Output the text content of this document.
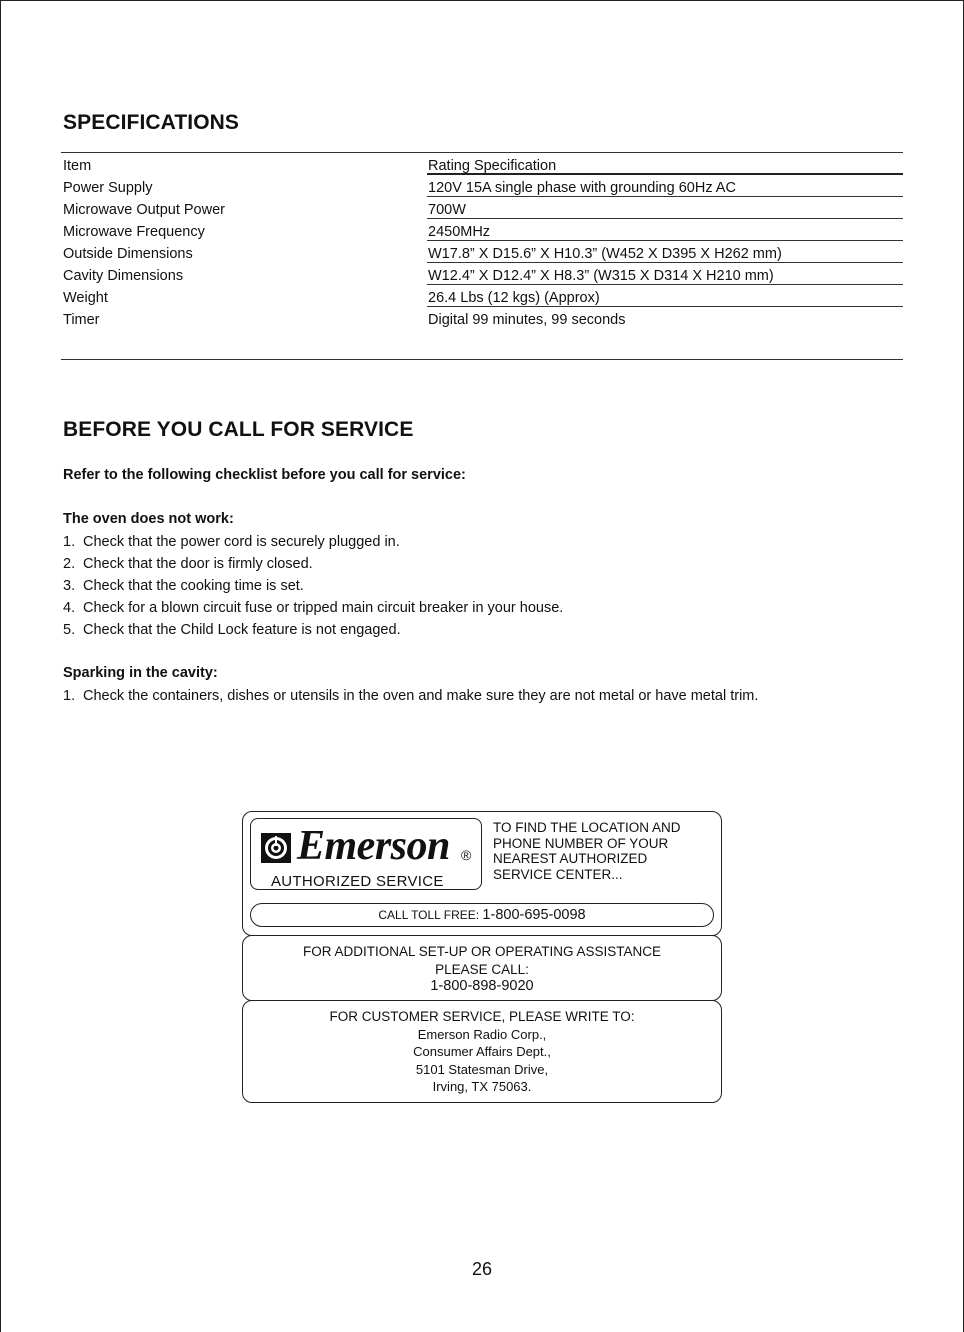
SPECIFICATIONS
Item	Rating Specification
Power Supply	120V 15A single phase with grounding 60Hz AC
Microwave Output Power	700W
Microwave Frequency	2450MHz
Outside Dimensions	W17.8” X D15.6” X H10.3” (W452 X D395 X H262 mm)
Cavity Dimensions	W12.4” X D12.4” X H8.3” (W315 X D314 X H210 mm)
Weight	26.4 Lbs (12 kgs) (Approx)
Timer	Digital 99 minutes, 99 seconds
BEFORE YOU CALL FOR SERVICE
Refer to the following checklist before you call for service:
The oven does not work:
1. Check that the power cord is securely plugged in.
2. Check that the door is firmly closed.
3. Check that the cooking time is set.
4. Check for a blown circuit fuse or tripped main circuit breaker in your house.
5. Check that the Child Lock feature is not engaged.
Sparking in the cavity:
1. Check the containers, dishes or utensils in the oven and make sure they are not metal or have metal trim.
Emerson ®
AUTHORIZED SERVICE
TO FIND THE LOCATION AND
PHONE NUMBER OF YOUR
NEAREST AUTHORIZED
SERVICE CENTER...
CALL TOLL FREE: 1-800-695-0098
FOR ADDITIONAL SET-UP OR OPERATING ASSISTANCE
PLEASE CALL:
1-800-898-9020
FOR CUSTOMER SERVICE, PLEASE WRITE TO:
Emerson Radio Corp.,
Consumer Affairs Dept.,
5101 Statesman Drive,
Irving, TX 75063.
26
